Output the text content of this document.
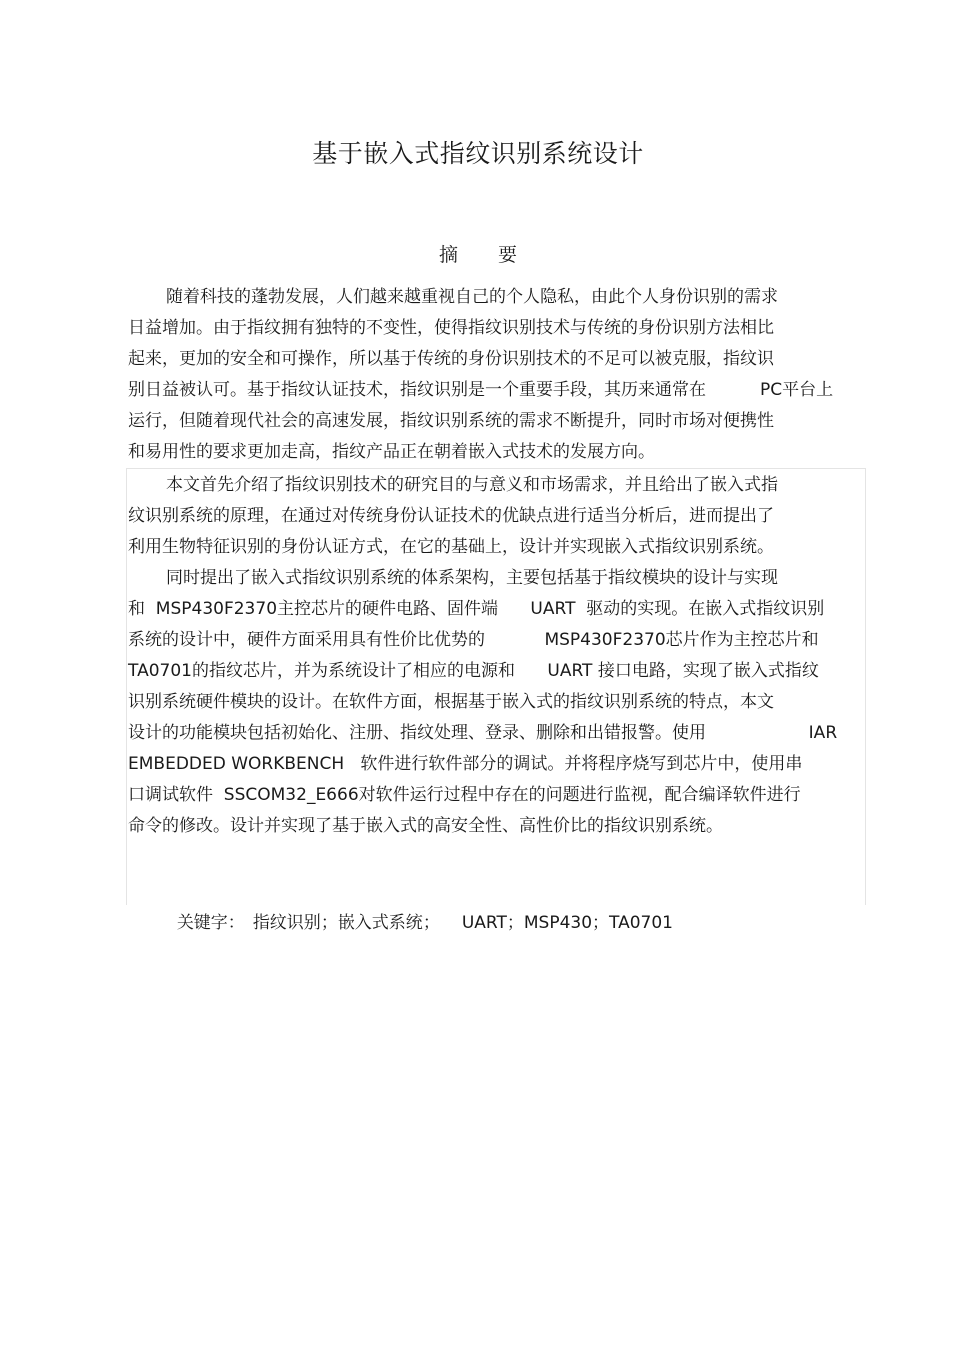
基于嵌入式指纹识别系统设计
摘要
随着科技的蓬勃发展，人们越来越重视自己的个人隐私，由此个人身份识别的需求
日益增加。由于指纹拥有独特的不变性，使得指纹识别技术与传统的身份识别方法相比
起来，更加的安全和可操作，所以基于传统的身份识别技术的不足可以被克服，指纹识
别日益被认可。基于指纹认证技术，指纹识别是一个重要手段，其历来通常在          PC平台上
运行，但随着现代社会的高速发展，指纹识别系统的需求不断提升，同时市场对便携性
和易用性的要求更加走高，指纹产品正在朝着嵌入式技术的发展方向。
本文首先介绍了指纹识别技术的研究目的与意义和市场需求，并且给出了嵌入式指
纹识别系统的原理，在通过对传统身份认证技术的优缺点进行适当分析后，进而提出了
利用生物特征识别的身份认证方式，在它的基础上，设计并实现嵌入式指纹识别系统。
同时提出了嵌入式指纹识别系统的体系架构，主要包括基于指纹模块的设计与实现
和  MSP430F2370主控芯片的硬件电路、固件端      UART  驱动的实现。在嵌入式指纹识别
系统的设计中，硬件方面采用具有性价比优势的           MSP430F2370芯片作为主控芯片和
TA0701的指纹芯片，并为系统设计了相应的电源和      UART 接口电路，实现了嵌入式指纹
识别系统硬件模块的设计。在软件方面，根据基于嵌入式的指纹识别系统的特点，本文
设计的功能模块包括初始化、注册、指纹处理、登录、删除和出错报警。使用                   IAR
EMBEDDED WORKBENCH   软件进行软件部分的调试。并将程序烧写到芯片中，使用串
口调试软件  SSCOM32_E666对软件运行过程中存在的问题进行监视，配合编译软件进行
命令的修改。设计并实现了基于嵌入式的高安全性、高性价比的指纹识别系统。

关键字： 指纹识别；嵌入式系统； UART；MSP430；TA0701
